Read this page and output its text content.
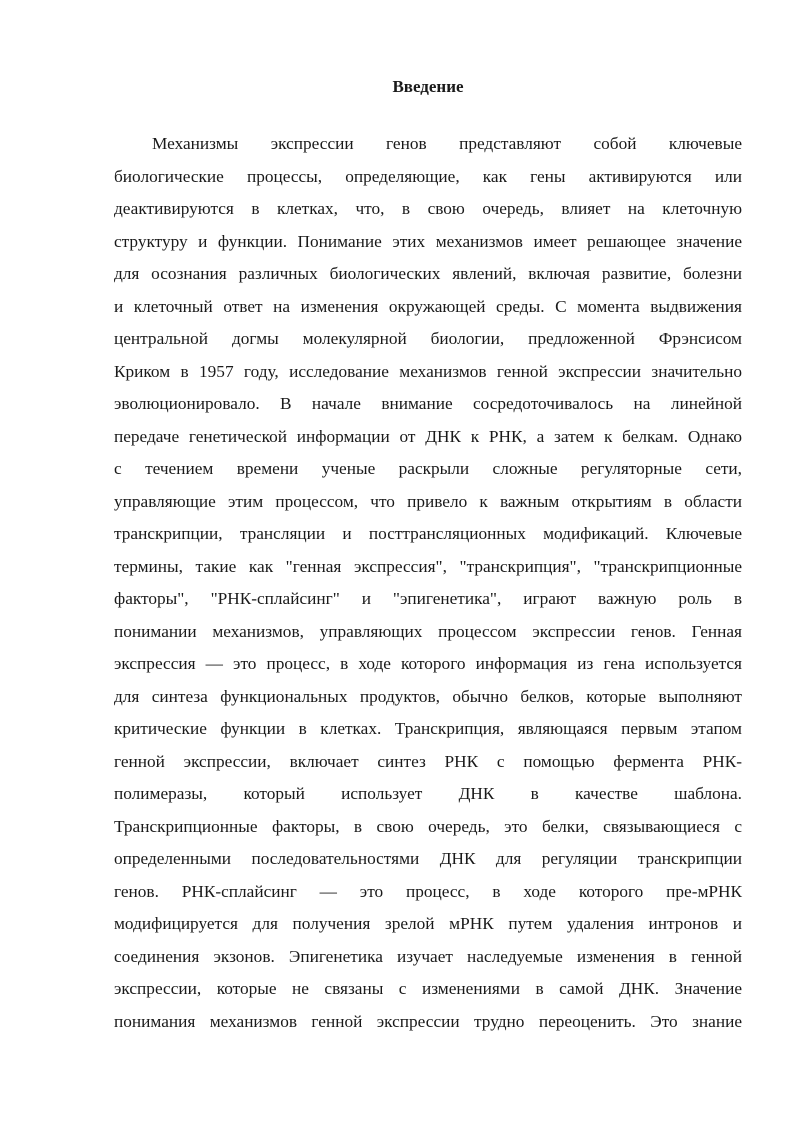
Введение
Механизмы экспрессии генов представляют собой ключевые
биологические процессы, определяющие, как гены активируются или
деактивируются в клетках, что, в свою очередь, влияет на клеточную
структуру и функции. Понимание этих механизмов имеет решающее значение
для осознания различных биологических явлений, включая развитие, болезни
и клеточный ответ на изменения окружающей среды. С момента выдвижения
центральной догмы молекулярной биологии, предложенной Фрэнсисом
Криком в 1957 году, исследование механизмов генной экспрессии значительно
эволюционировало. В начале внимание сосредоточивалось на линейной
передаче генетической информации от ДНК к РНК, а затем к белкам. Однако
с течением времени ученые раскрыли сложные регуляторные сети,
управляющие этим процессом, что привело к важным открытиям в области
транскрипции, трансляции и посттрансляционных модификаций. Ключевые
термины, такие как "генная экспрессия", "транскрипция", "транскрипционные
факторы", "РНК-сплайсинг" и "эпигенетика", играют важную роль в
понимании механизмов, управляющих процессом экспрессии генов. Генная
экспрессия — это процесс, в ходе которого информация из гена используется
для синтеза функциональных продуктов, обычно белков, которые выполняют
критические функции в клетках. Транскрипция, являющаяся первым этапом
генной экспрессии, включает синтез РНК с помощью фермента РНК-
полимеразы, который использует ДНК в качестве шаблона.
Транскрипционные факторы, в свою очередь, это белки, связывающиеся с
определенными последовательностями ДНК для регуляции транскрипции
генов. РНК-сплайсинг — это процесс, в ходе которого пре-мРНК
модифицируется для получения зрелой мРНК путем удаления интронов и
соединения экзонов. Эпигенетика изучает наследуемые изменения в генной
экспрессии, которые не связаны с изменениями в самой ДНК. Значение
понимания механизмов генной экспрессии трудно переоценить. Это знание
